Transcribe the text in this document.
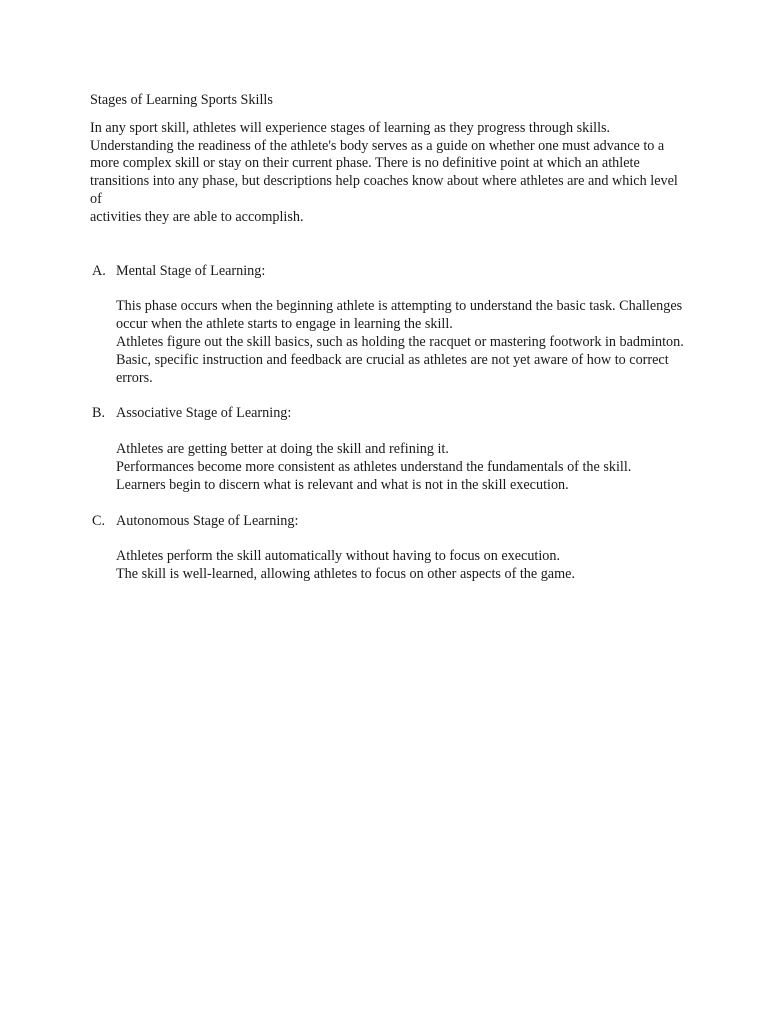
Stages of Learning Sports Skills

In any sport skill, athletes will experience stages of learning as they progress through skills.

Understanding the readiness of the athlete's body serves as a guide on whether one must advance to a

more complex skill or stay on their current phase. There is no definitive point at which an athlete

transitions into any phase, but descriptions help coaches know about where athletes are and which level of

activities they are able to accomplish.

A. Mental Stage of Learning:

This phase occurs when the beginning athlete is attempting to understand the basic task. Challenges

occur when the athlete starts to engage in learning the skill.

Athletes figure out the skill basics, such as holding the racquet or mastering footwork in badminton.

Basic, specific instruction and feedback are crucial as athletes are not yet aware of how to correct

errors.

B. Associative Stage of Learning:

Athletes are getting better at doing the skill and refining it.

Performances become more consistent as athletes understand the fundamentals of the skill.

Learners begin to discern what is relevant and what is not in the skill execution.

C. Autonomous Stage of Learning:

Athletes perform the skill automatically without having to focus on execution.

The skill is well-learned, allowing athletes to focus on other aspects of the game.
